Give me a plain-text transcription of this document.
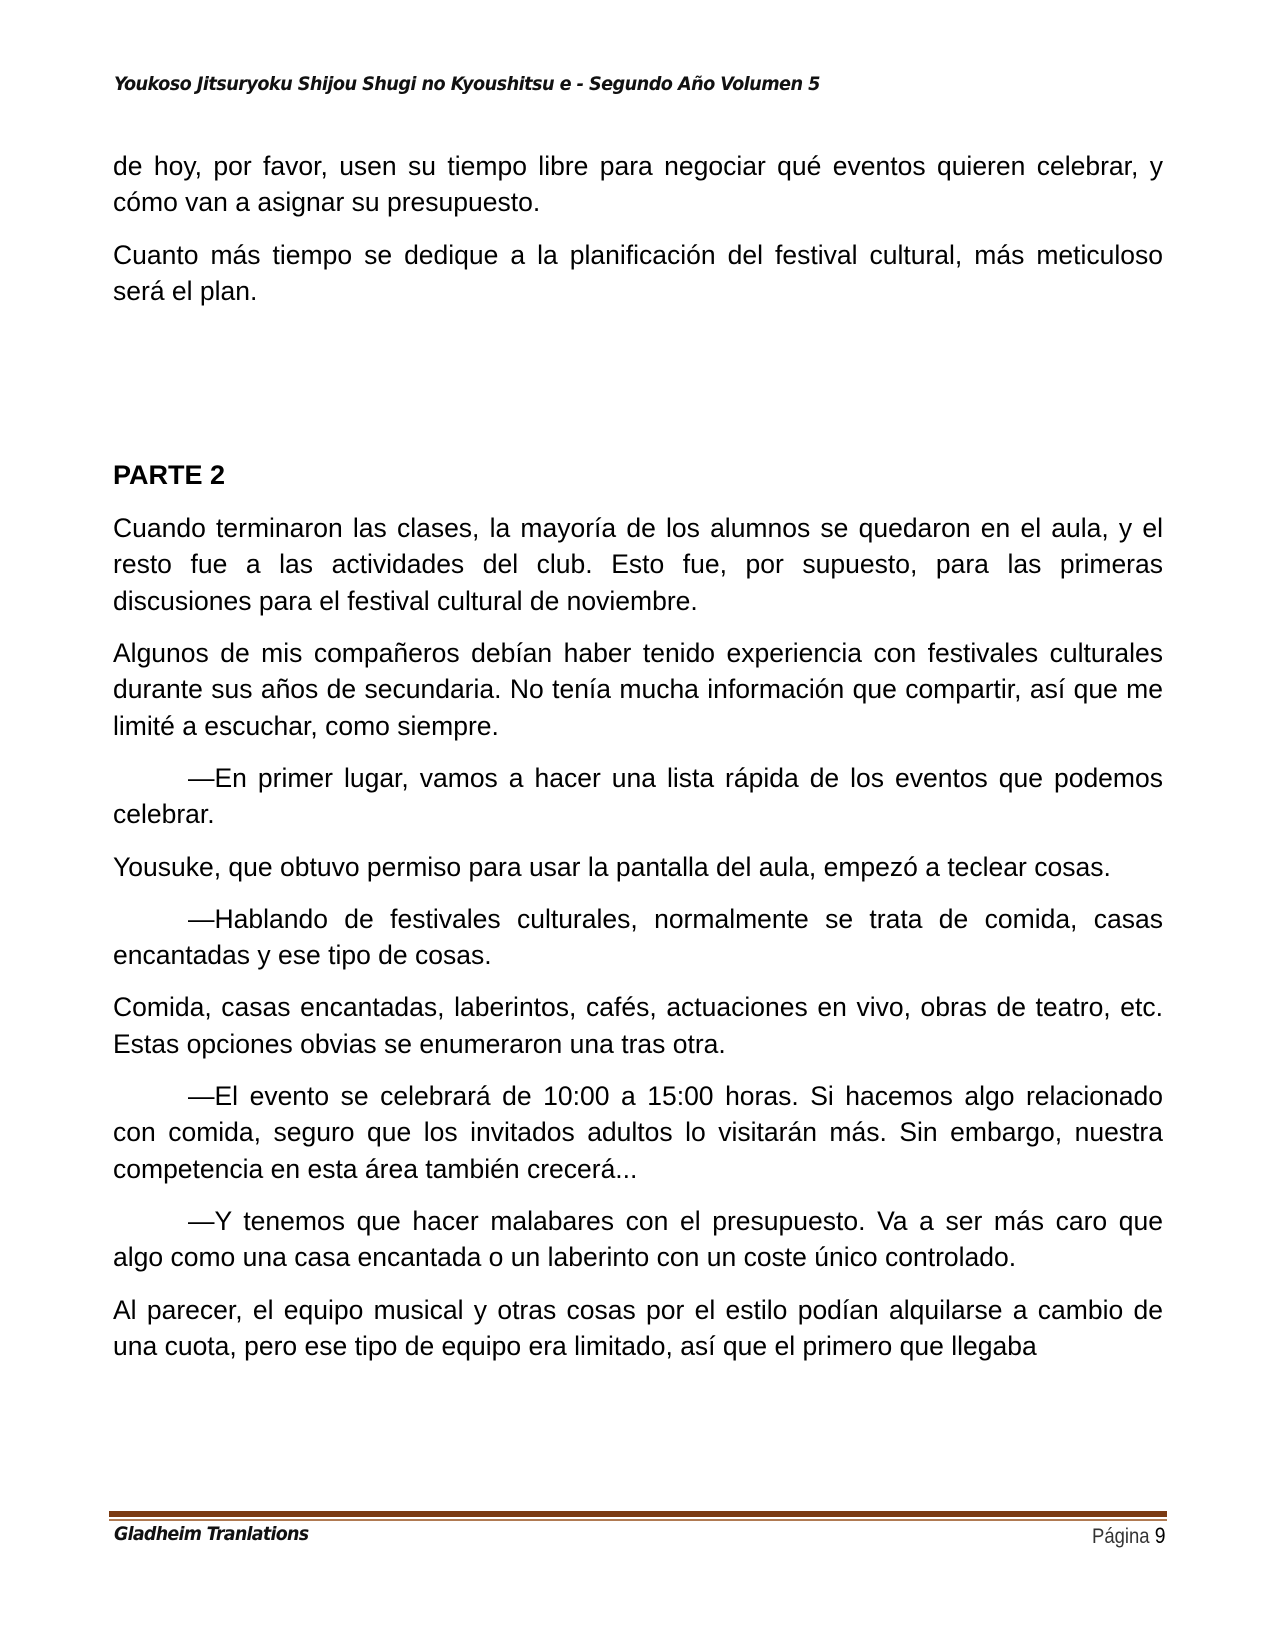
Youkoso Jitsuryoku Shijou Shugi no Kyoushitsu e - Segundo Año Volumen 5

de hoy, por favor, usen su tiempo libre para negociar qué eventos quieren celebrar, y cómo van a asignar su presupuesto.

Cuanto más tiempo se dedique a la planificación del festival cultural, más meticuloso será el plan.

PARTE 2

Cuando terminaron las clases, la mayoría de los alumnos se quedaron en el aula, y el resto fue a las actividades del club. Esto fue, por supuesto, para las primeras discusiones para el festival cultural de noviembre.

Algunos de mis compañeros debían haber tenido experiencia con festivales culturales durante sus años de secundaria. No tenía mucha información que compartir, así que me limité a escuchar, como siempre.

—En primer lugar, vamos a hacer una lista rápida de los eventos que podemos celebrar.

Yousuke, que obtuvo permiso para usar la pantalla del aula, empezó a teclear cosas.

—Hablando de festivales culturales, normalmente se trata de comida, casas encantadas y ese tipo de cosas.

Comida, casas encantadas, laberintos, cafés, actuaciones en vivo, obras de teatro, etc. Estas opciones obvias se enumeraron una tras otra.

—El evento se celebrará de 10:00 a 15:00 horas. Si hacemos algo relacionado con comida, seguro que los invitados adultos lo visitarán más. Sin embargo, nuestra competencia en esta área también crecerá...

—Y tenemos que hacer malabares con el presupuesto. Va a ser más caro que algo como una casa encantada o un laberinto con un coste único controlado.

Al parecer, el equipo musical y otras cosas por el estilo podían alquilarse a cambio de una cuota, pero ese tipo de equipo era limitado, así que el primero que llegaba

Gladheim Tranlations	Página 9
